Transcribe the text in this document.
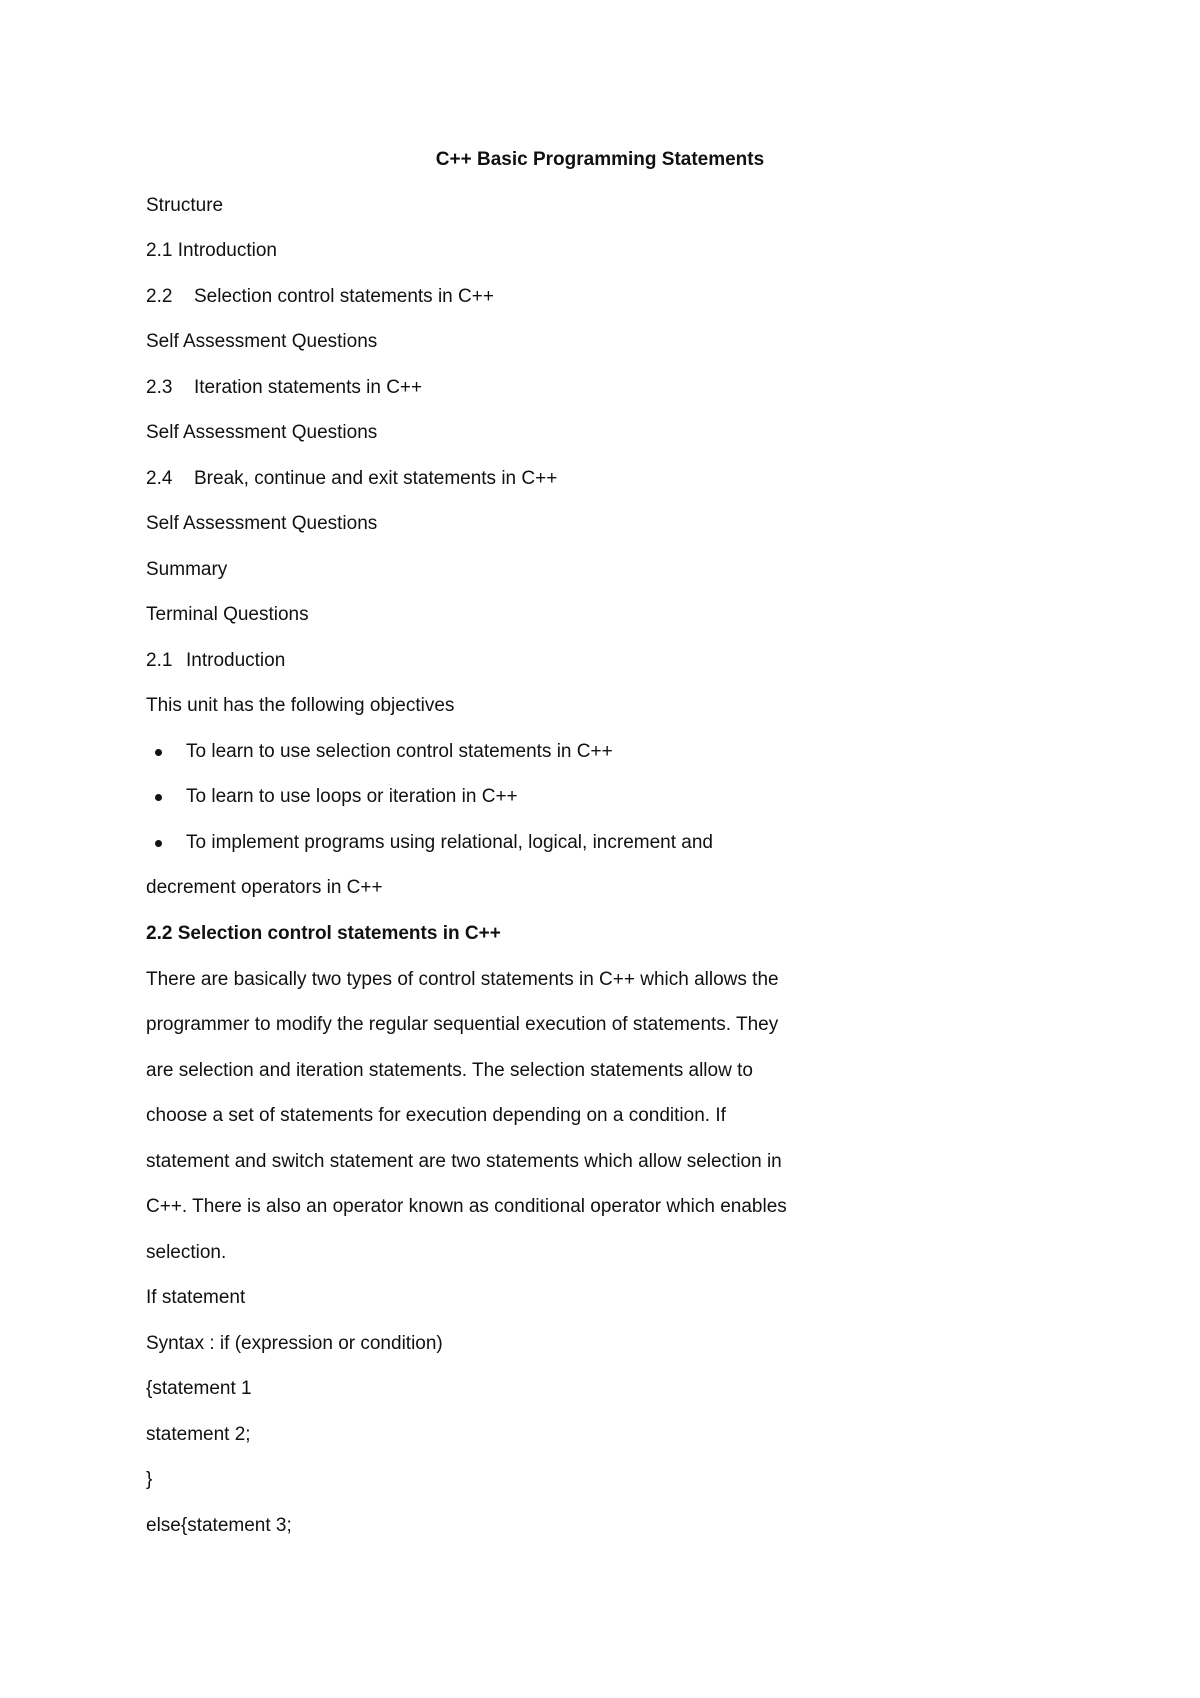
C++ Basic Programming Statements
Structure
2.1 Introduction
2.2 Selection control statements in C++
Self Assessment Questions
2.3 Iteration statements in C++
Self Assessment Questions
2.4 Break, continue and exit statements in C++
Self Assessment Questions
Summary
Terminal Questions
2.1 Introduction
This unit has the following objectives
To learn to use selection control statements in C++
To learn to use loops or iteration in C++
To implement programs using relational, logical, increment and
decrement operators in C++
2.2 Selection control statements in C++
There are basically two types of control statements in C++ which allows the
programmer to modify the regular sequential execution of statements. They
are selection and iteration statements. The selection statements allow to
choose a set of statements for execution depending on a condition. If
statement and switch statement are two statements which allow selection in
C++. There is also an operator known as conditional operator which enables
selection.
If statement
Syntax : if (expression or condition)
{statement 1
statement 2;
}
else{statement 3;
